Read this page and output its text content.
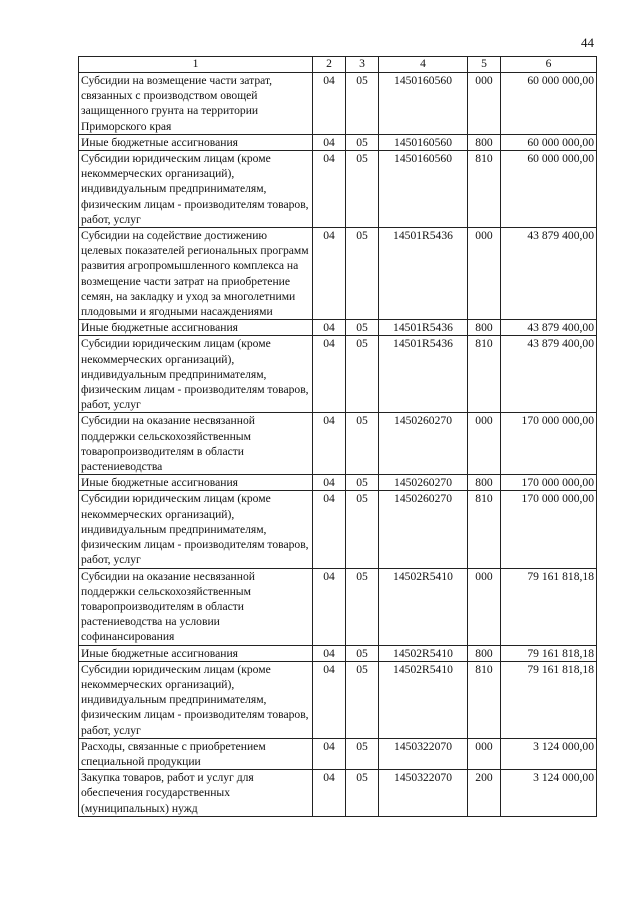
44
1	2	3	4	5	6
Субсидии на возмещение части затрат, связанных с производством овощей защищенного грунта на территории Приморского края	04	05	1450160560	000	60 000 000,00
Иные бюджетные ассигнования	04	05	1450160560	800	60 000 000,00
Субсидии юридическим лицам (кроме некоммерческих организаций), индивидуальным предпринимателям, физическим лицам - производителям товаров, работ, услуг	04	05	1450160560	810	60 000 000,00
Субсидии на содействие достижению целевых показателей региональных программ развития агропромышленного комплекса на возмещение части затрат на приобретение семян, на закладку и уход за многолетними плодовыми и ягодными насаждениями	04	05	14501R5436	000	43 879 400,00
Иные бюджетные ассигнования	04	05	14501R5436	800	43 879 400,00
Субсидии юридическим лицам (кроме некоммерческих организаций), индивидуальным предпринимателям, физическим лицам - производителям товаров, работ, услуг	04	05	14501R5436	810	43 879 400,00
Субсидии на оказание несвязанной поддержки сельскохозяйственным товаропроизводителям в области растениеводства	04	05	1450260270	000	170 000 000,00
Иные бюджетные ассигнования	04	05	1450260270	800	170 000 000,00
Субсидии юридическим лицам (кроме некоммерческих организаций), индивидуальным предпринимателям, физическим лицам - производителям товаров, работ, услуг	04	05	1450260270	810	170 000 000,00
Субсидии на оказание несвязанной поддержки сельскохозяйственным товаропроизводителям в области растениеводства на условии софинансирования	04	05	14502R5410	000	79 161 818,18
Иные бюджетные ассигнования	04	05	14502R5410	800	79 161 818,18
Субсидии юридическим лицам (кроме некоммерческих организаций), индивидуальным предпринимателям, физическим лицам - производителям товаров, работ, услуг	04	05	14502R5410	810	79 161 818,18
Расходы, связанные с приобретением специальной продукции	04	05	1450322070	000	3 124 000,00
Закупка товаров, работ и услуг для обеспечения государственных (муниципальных) нужд	04	05	1450322070	200	3 124 000,00
